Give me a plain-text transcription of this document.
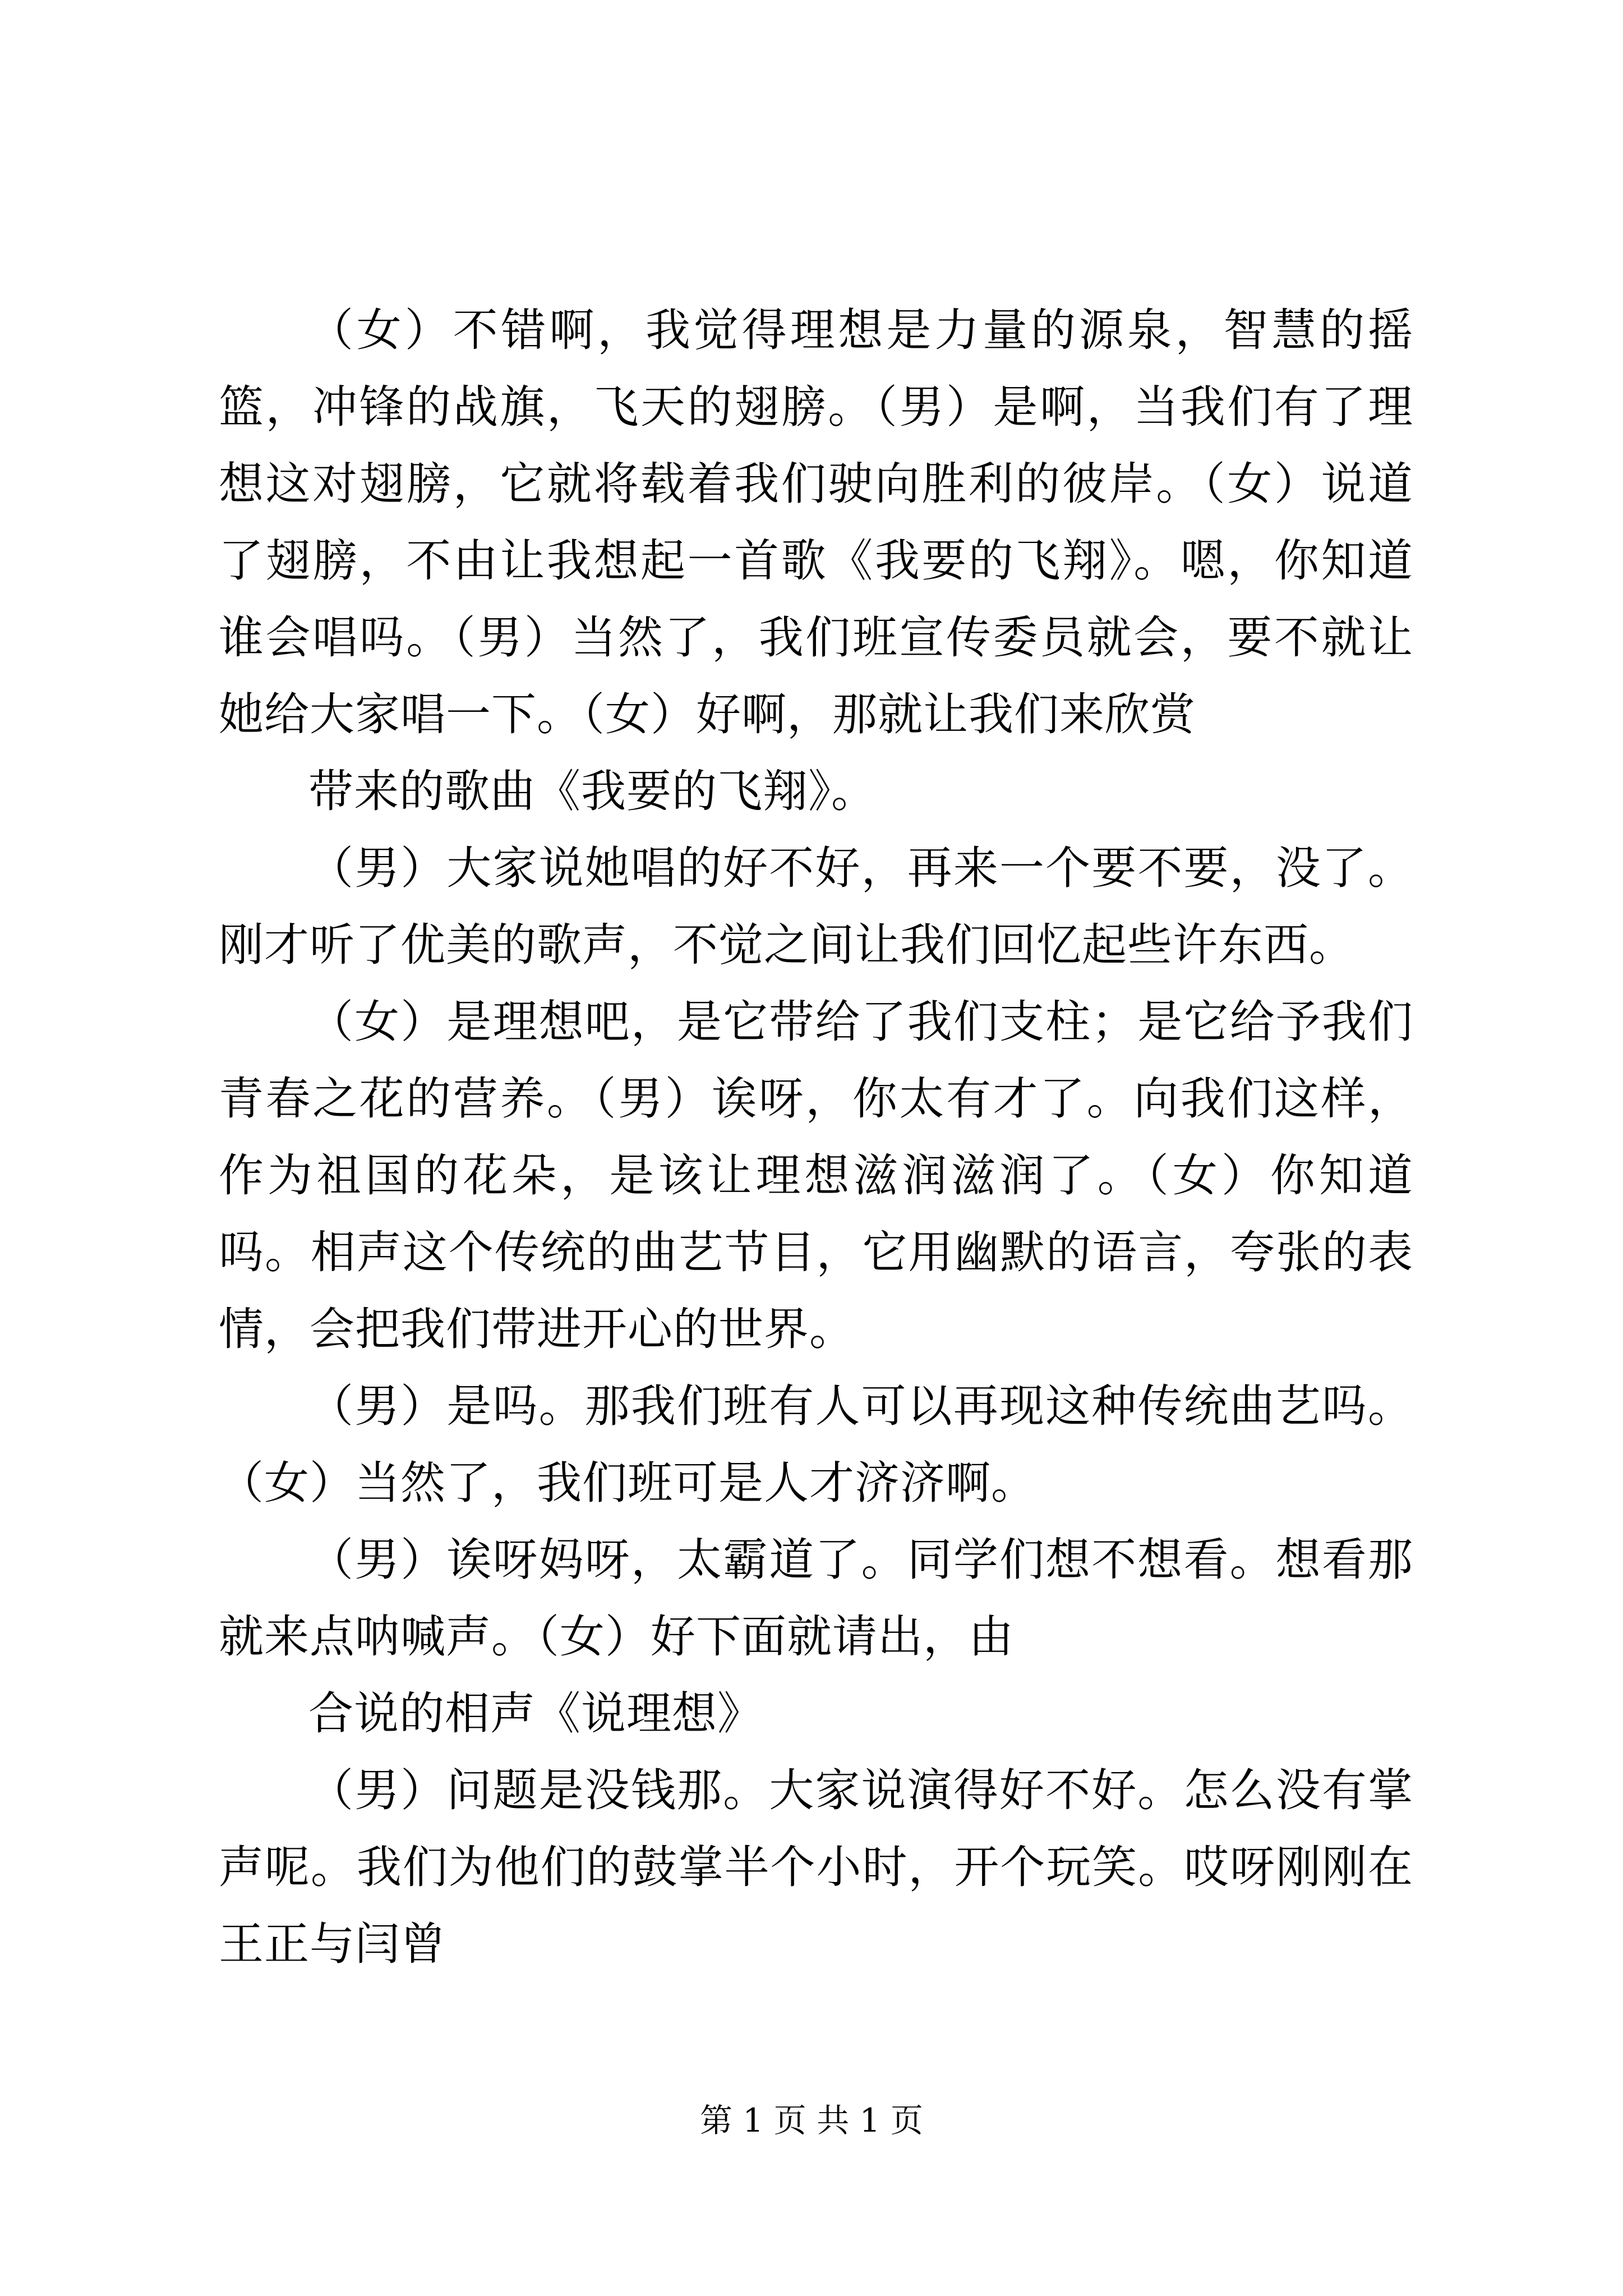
（女）不错啊，我觉得理想是力量的源泉，智慧的摇篮，冲锋的战旗，飞天的翅膀。（男）是啊，当我们有了理想这对翅膀，它就将载着我们驶向胜利的彼岸。（女）说道了翅膀，不由让我想起一首歌《我要的飞翔》。嗯，你知道谁会唱吗。（男）当然了，我们班宣传委员就会，要不就让她给大家唱一下。（女）好啊，那就让我们来欣赏

带来的歌曲《我要的飞翔》。

（男）大家说她唱的好不好，再来一个要不要，没了。刚才听了优美的歌声，不觉之间让我们回忆起些许东西。

（女）是理想吧，是它带给了我们支柱；是它给予我们青春之花的营养。（男）诶呀，你太有才了。向我们这样，作为祖国的花朵，是该让理想滋润滋润了。（女）你知道吗。相声这个传统的曲艺节目，它用幽默的语言，夸张的表情，会把我们带进开心的世界。

（男）是吗。那我们班有人可以再现这种传统曲艺吗。（女）当然了，我们班可是人才济济啊。

（男）诶呀妈呀，太霸道了。同学们想不想看。想看那就来点呐喊声。（女）好下面就请出，由

合说的相声《说理想》

（男）问题是没钱那。大家说演得好不好。怎么没有掌声呢。我们为他们的鼓掌半个小时，开个玩笑。哎呀刚刚在王正与闫曾

第 1 页 共 1 页
